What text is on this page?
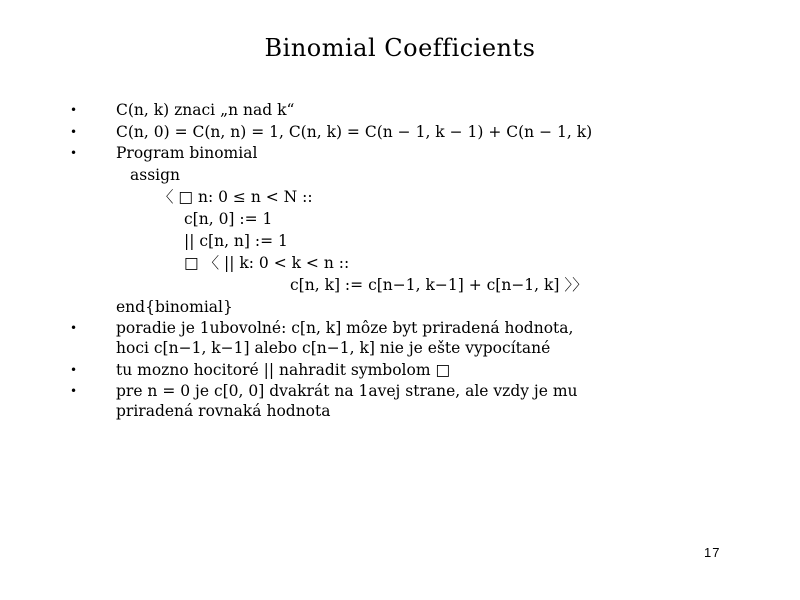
Binomial Coefficients
•
•
•
•
•
•
C(n, k) znaci „n nad k“
C(n, 0) = C(n, n) = 1, C(n, k) = C(n − 1, k − 1) + C(n − 1, k)
Program binomial
assign
〈 □ n: 0 ≤ n < N ::
c[n, 0] := 1
|| c[n, n] := 1
□ 〈 || k: 0 < k < n ::
c[n, k] := c[n−1, k−1] + c[n−1, k] 〉〉
end{binomial}
poradie je 1ubovolné: c[n, k] môze byt priradená hodnota,
hoci c[n−1, k−1] alebo c[n−1, k] nie je ešte vypocítané
tu mozno hocitoré || nahradit symbolom □
pre n = 0 je c[0, 0] dvakrát na 1avej strane, ale vzdy je mu
priradená rovnaká hodnota
17
